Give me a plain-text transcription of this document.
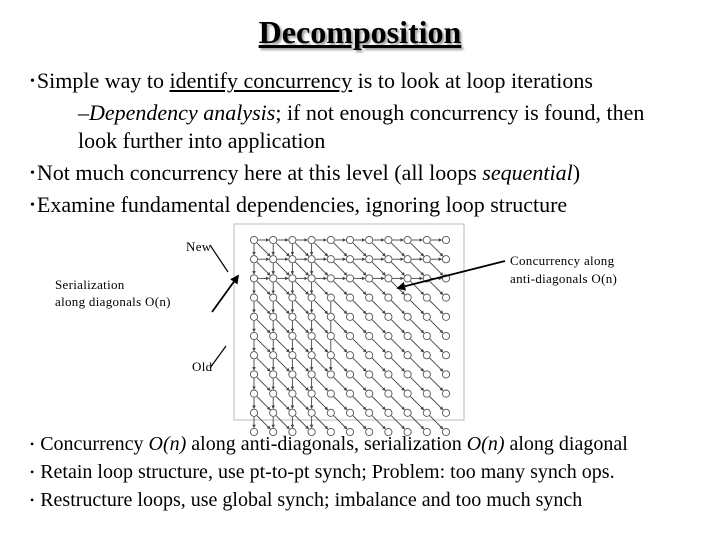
Decomposition
•Simple way to identify concurrency is to look at loop iterations
–Dependency analysis; if not enough concurrency is found, then
look further into application
•Not much concurrency here at this level (all loops sequential)
•Examine fundamental dependencies, ignoring loop structure
New
Serialization
along diagonals O(n)
Concurrency along
anti-diagonals O(n)
Old
• Concurrency O(n) along anti-diagonals, serialization O(n) along diagonal
• Retain loop structure, use pt-to-pt synch; Problem: too many synch ops.
• Restructure loops, use global synch; imbalance and too much synch
